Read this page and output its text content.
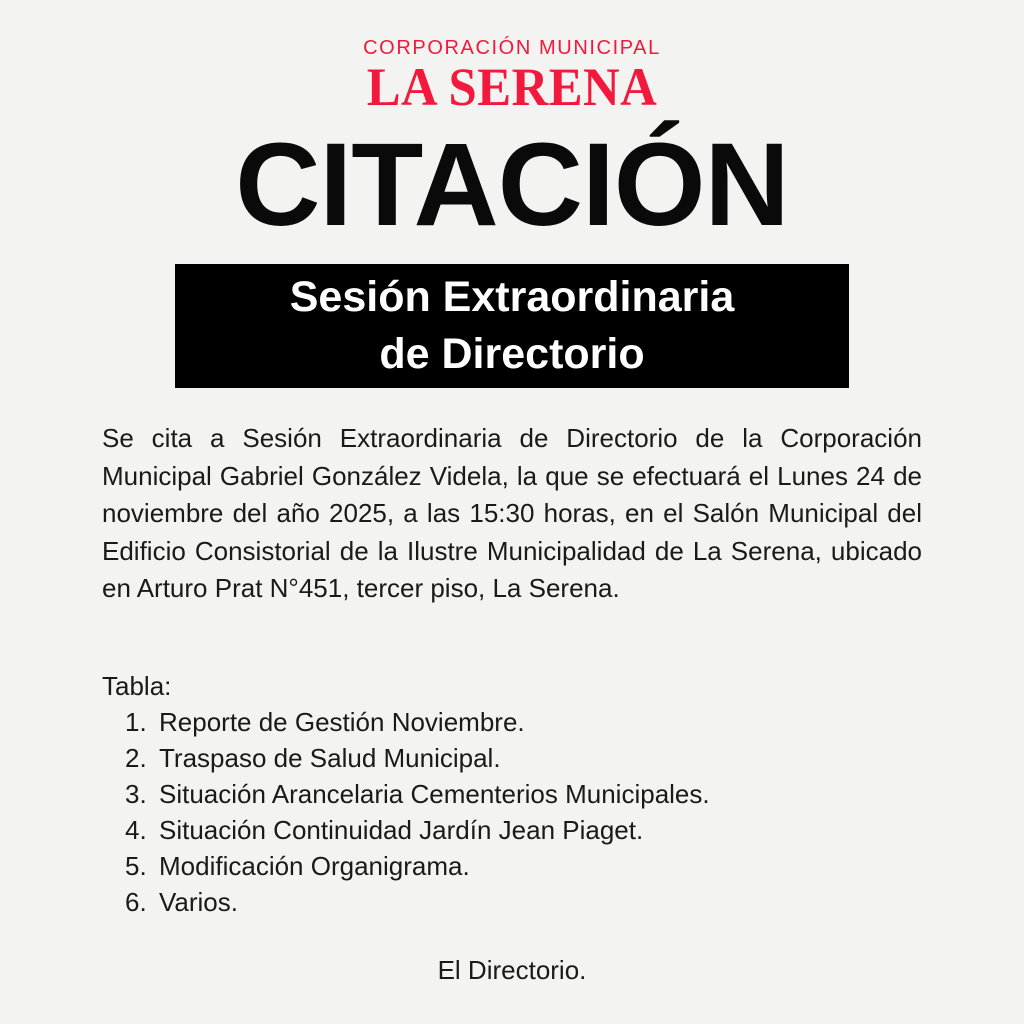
CORPORACIÓN MUNICIPAL
LA SERENA
CITACIÓN
Sesión Extraordinaria
de Directorio

Se cita a Sesión Extraordinaria de Directorio de la Corporación Municipal Gabriel González Videla, la que se efectuará el Lunes 24 de noviembre del año 2025, a las 15:30 horas, en el Salón Municipal del Edificio Consistorial de la Ilustre Municipalidad de La Serena, ubicado en Arturo Prat N°451, tercer piso, La Serena.

Tabla:
1. Reporte de Gestión Noviembre.
2. Traspaso de Salud Municipal.
3. Situación Arancelaria Cementerios Municipales.
4. Situación Continuidad Jardín Jean Piaget.
5. Modificación Organigrama.
6. Varios.
El Directorio.
